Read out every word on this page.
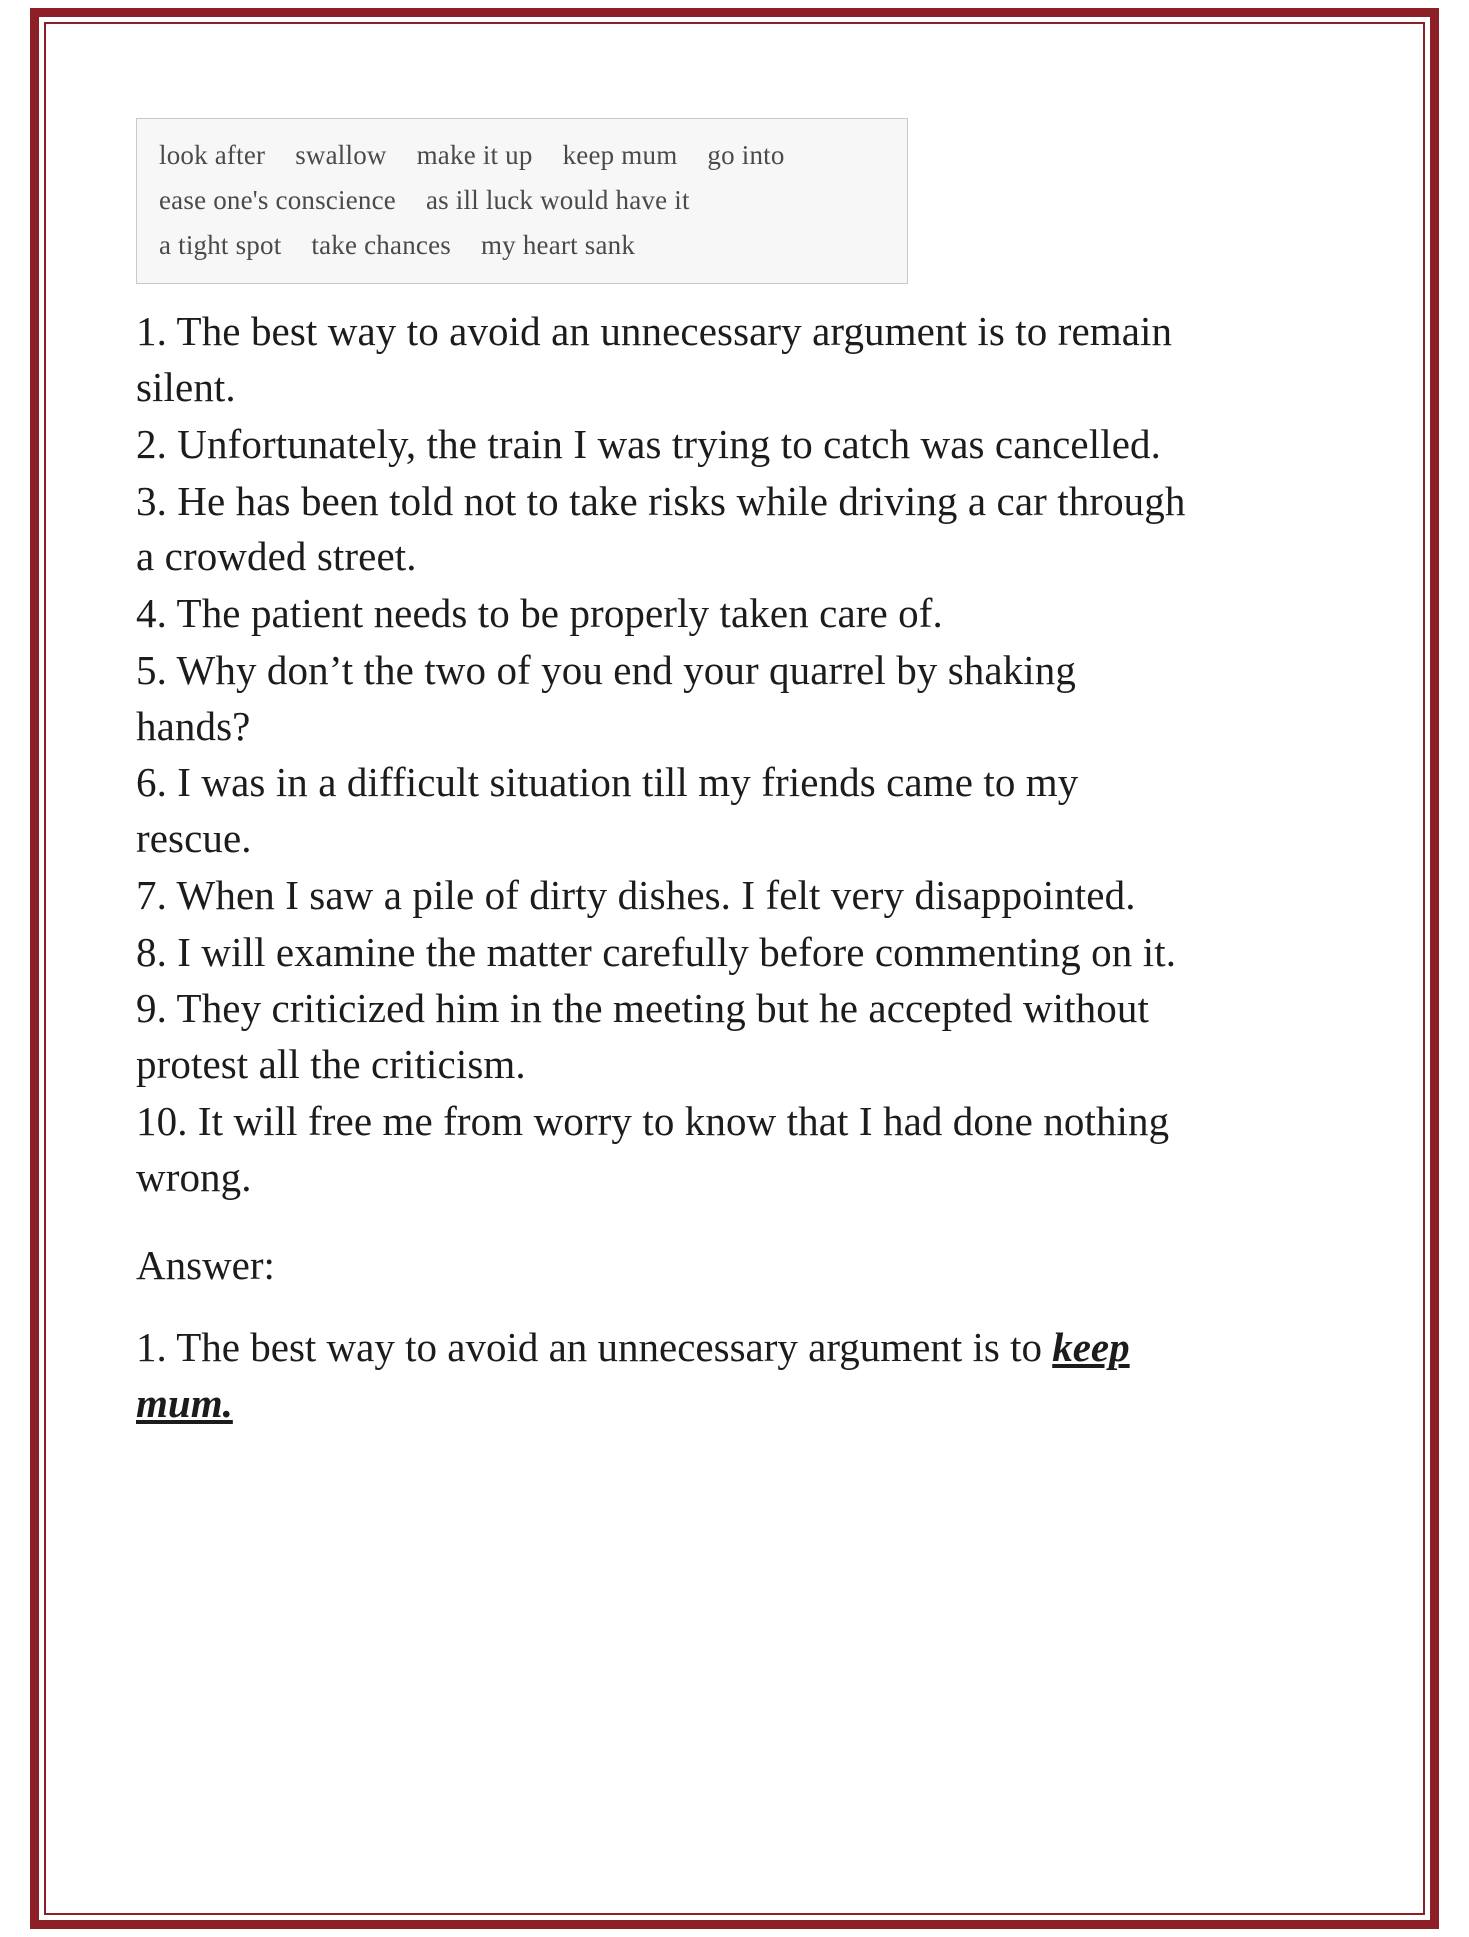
look after swallow make it up keep mum go into
ease one's conscience as ill luck would have it
a tight spot take chances my heart sank

1. The best way to avoid an unnecessary argument is to remain silent.

2. Unfortunately, the train I was trying to catch was cancelled.

3. He has been told not to take risks while driving a car through a crowded street.

4. The patient needs to be properly taken care of.

5. Why don’t the two of you end your quarrel by shaking hands?

6. I was in a difficult situation till my friends came to my rescue.

7. When I saw a pile of dirty dishes. I felt very disappointed.

8. I will examine the matter carefully before commenting on it.

9. They criticized him in the meeting but he accepted without protest all the criticism.

10. It will free me from worry to know that I had done nothing wrong.

Answer:
1. The best way to avoid an unnecessary argument is to keep mum.
